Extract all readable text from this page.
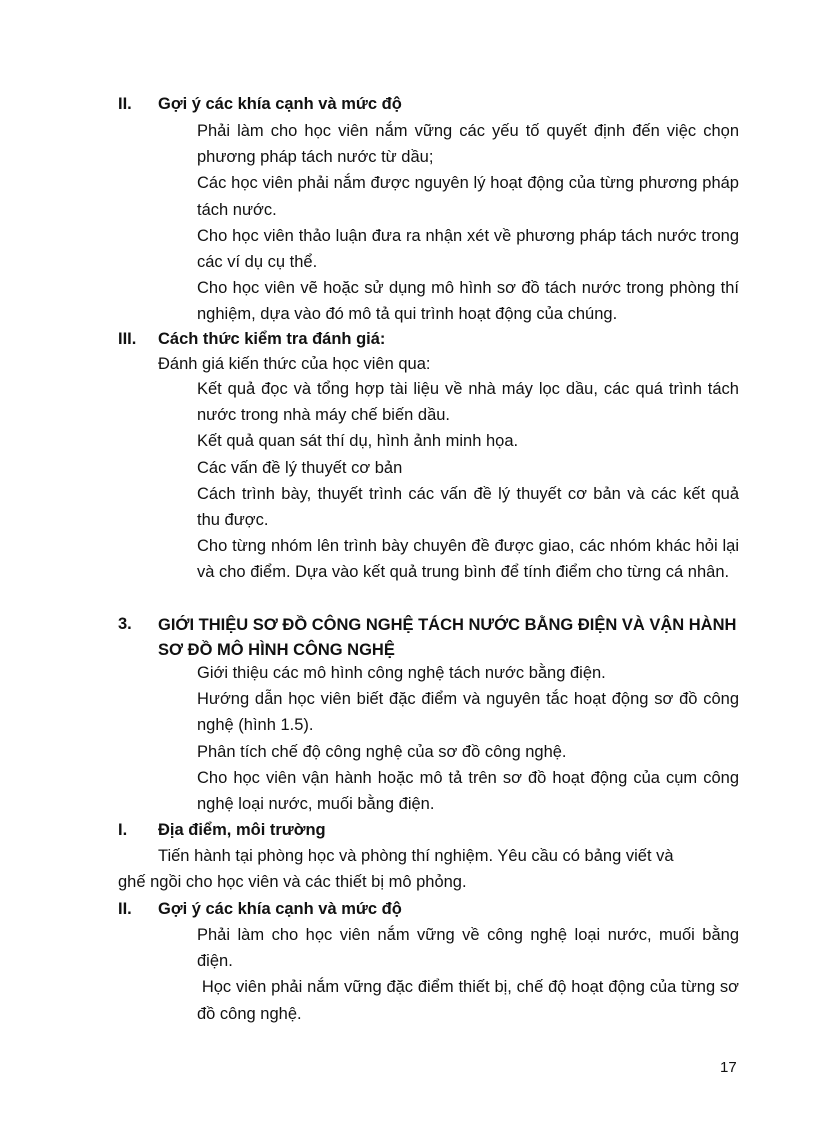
II. Gợi ý các khía cạnh và mức độ

Phải làm cho học viên nắm vững các yếu tố quyết định đến việc chọn phương pháp tách nước từ dầu;

Các học viên phải nắm được nguyên lý hoạt động của từng phương pháp tách nước.

Cho học viên thảo luận đưa ra nhận xét về phương pháp tách nước trong các ví dụ cụ thể.

Cho học viên vẽ hoặc sử dụng mô hình sơ đồ tách nước trong phòng thí nghiệm, dựa vào đó mô tả qui trình hoạt động của chúng.

III. Cách thức kiểm tra đánh giá:
Đánh giá kiến thức của học viên qua:

Kết quả đọc và tổng hợp tài liệu về nhà máy lọc dầu, các quá trình tách nước trong nhà máy chế biến dầu.

Kết quả quan sát thí dụ, hình ảnh minh họa.

Các vấn đề lý thuyết cơ bản

Cách trình bày, thuyết trình các vấn đề lý thuyết cơ bản và các kết quả thu được.

Cho từng nhóm lên trình bày chuyên đề được giao, các nhóm khác hỏi lại và cho điểm. Dựa vào kết quả trung bình để tính điểm cho từng cá nhân.

3. GIỚI THIỆU SƠ ĐỒ CÔNG NGHỆ TÁCH NƯỚC BẰNG ĐIỆN VÀ VẬN HÀNH SƠ ĐỒ MÔ HÌNH CÔNG NGHỆ

Giới thiệu các mô hình công nghệ tách nước bằng điện.

Hướng dẫn học viên biết đặc điểm và nguyên tắc hoạt động sơ đồ công nghệ (hình 1.5).

Phân tích chế độ công nghệ của sơ đồ công nghệ.

Cho học viên vận hành hoặc mô tả trên sơ đồ hoạt động của cụm công nghệ loại nước, muối bằng điện.

I. Địa điểm, môi trường
Tiến hành tại phòng học và phòng thí nghiệm. Yêu cầu có bảng viết và
ghế ngồi cho học viên và các thiết bị mô phỏng.
II. Gợi ý các khía cạnh và mức độ

Phải làm cho học viên nắm vững về công nghệ loại nước, muối bằng điện.

Học viên phải nắm vững đặc điểm thiết bị, chế độ hoạt động của từng sơ đồ công nghệ.

17
